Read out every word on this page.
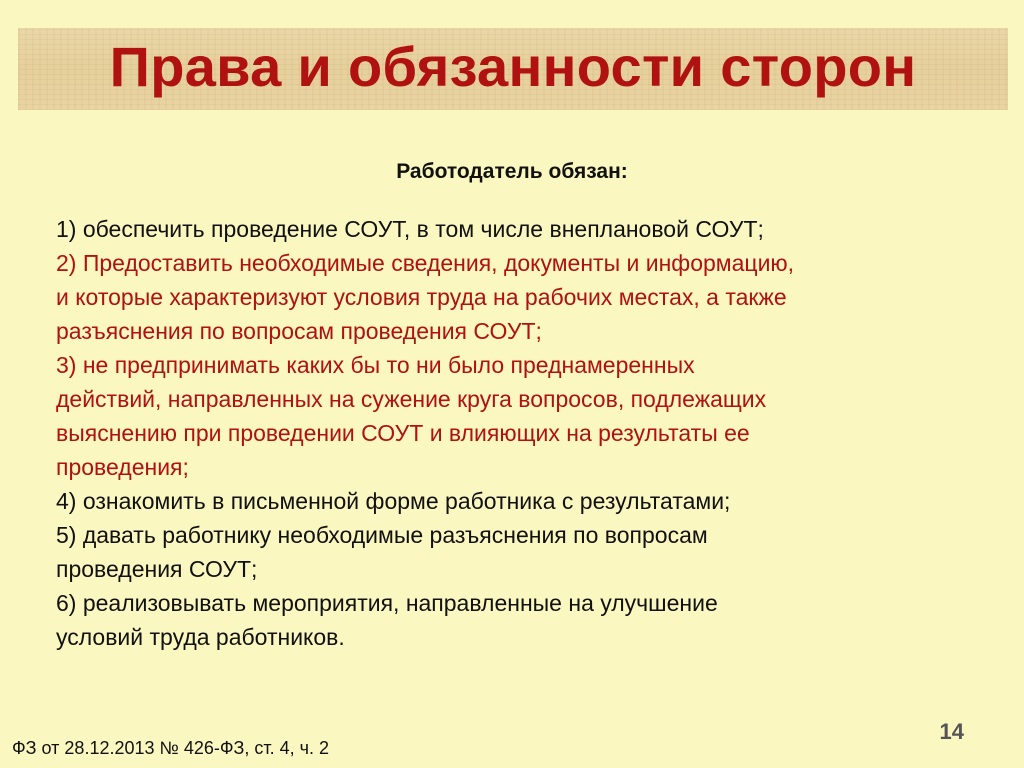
Права и обязанности сторон
Работодатель обязан:
1) обеспечить проведение СОУТ, в том числе внеплановой СОУТ;
2) Предоставить необходимые сведения, документы и информацию,
и которые характеризуют условия труда на рабочих местах, а также
разъяснения по вопросам проведения СОУТ;
3) не предпринимать каких бы то ни было преднамеренных
действий, направленных на сужение круга вопросов, подлежащих
выяснению при проведении СОУТ и влияющих на результаты ее
проведения;
4) ознакомить в письменной форме работника с результатами;
5) давать работнику необходимые разъяснения по вопросам
проведения СОУТ;
6) реализовывать мероприятия, направленные на улучшение
условий труда работников.
14
ФЗ от 28.12.2013 № 426-ФЗ, ст. 4, ч. 2
